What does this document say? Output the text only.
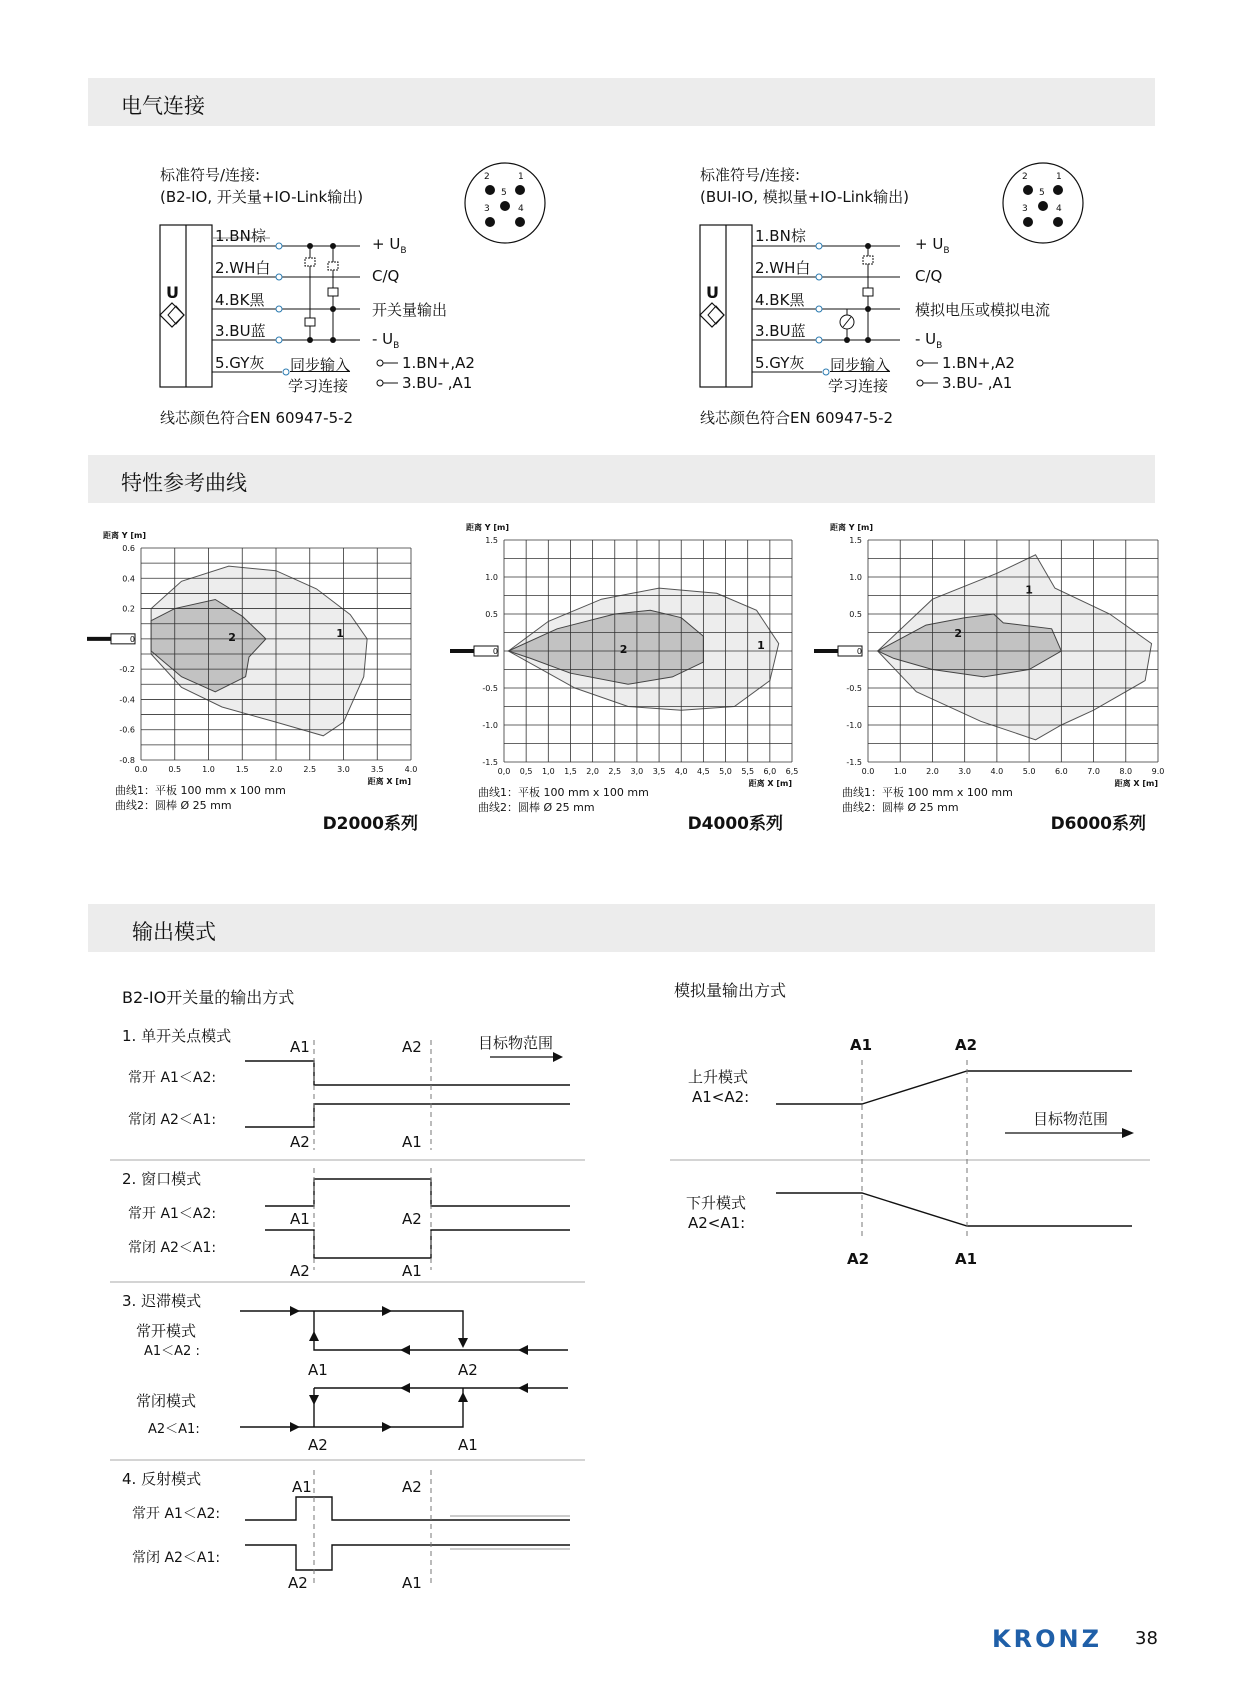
电气连接
特性参考曲线
输出模式
标准符号/连接:
(B2-IO, 开关量+IO-Link输出)
2	1
5
3	4
U
1.BN棕
2.WH白
4.BK黑
3.BU蓝
5.GY灰
+ $U_B$
C/Q
开关量输出
- $U_B$
同步输入
学习连接
1.BN+,A2
3.BU- ,A1
线芯颜色符合EN 60947-5-2
标准符号/连接:
(BUI-IO, 模拟量+IO-Link输出)
2	1
5
3	4
U
1.BN棕
2.WH白
4.BK黑
3.BU蓝
5.GY灰
+ $U_B$
C/Q
模拟电压或模拟电流
- $U_B$
同步输入
学习连接
1.BN+,A2
3.BU- ,A1
线芯颜色符合EN 60947-5-2
0.0	0.5	1.0	1.5	2.0	2.5	3.0	3.5	4.0
0.6
0.4
0.2
0
-0.2
-0.4
-0.6
-0.8
距离 Y [m]
距离 X [m]
1
2
曲线1：平板 100 mm x 100 mm
曲线2：圆棒 Ø 25 mm
D2000系列
0,0 0,5 1,0 1,5 2,0 2,5 3,0 3,5 4,0 4,5 5,0 5,5 6,0 6,5
1.5
1.0
0.5
0
-0.5
-1.0
-1.5
距离 Y [m]
距离 X [m]
1
2
曲线1：平板 100 mm x 100 mm
曲线2：圆棒 Ø 25 mm
D4000系列
0.0 1.0 2.0 3.0 4.0 5.0 6.0 7.0 8.0 9.0
1.5
1.0
0.5
0
-0.5
-1.0
-1.5
距离 Y [m]
距离 X [m]
1
2
曲线1：平板 100 mm x 100 mm
曲线2：圆棒 Ø 25 mm
D6000系列
B2-IO开关量的输出方式	模拟量输出方式
1. 单开关点模式
常开 A1＜A2:
常闭 A2＜A1:
A1	A2
A2	A1
目标物范围
2. 窗口模式
常开 A1＜A2:
常闭 A2＜A1:
A1	A2
A2	A1
3. 迟滞模式
常开模式
A1＜A2 :
A1	A2
常闭模式
A2＜A1:
A2	A1
4. 反射模式
常开 A1＜A2:
常闭 A2＜A1:
A1	A2
A2	A1
A1	A2
上升模式
A1<A2:
目标物范围
下升模式
A2<A1:
A2	A1
KRONZ 38
